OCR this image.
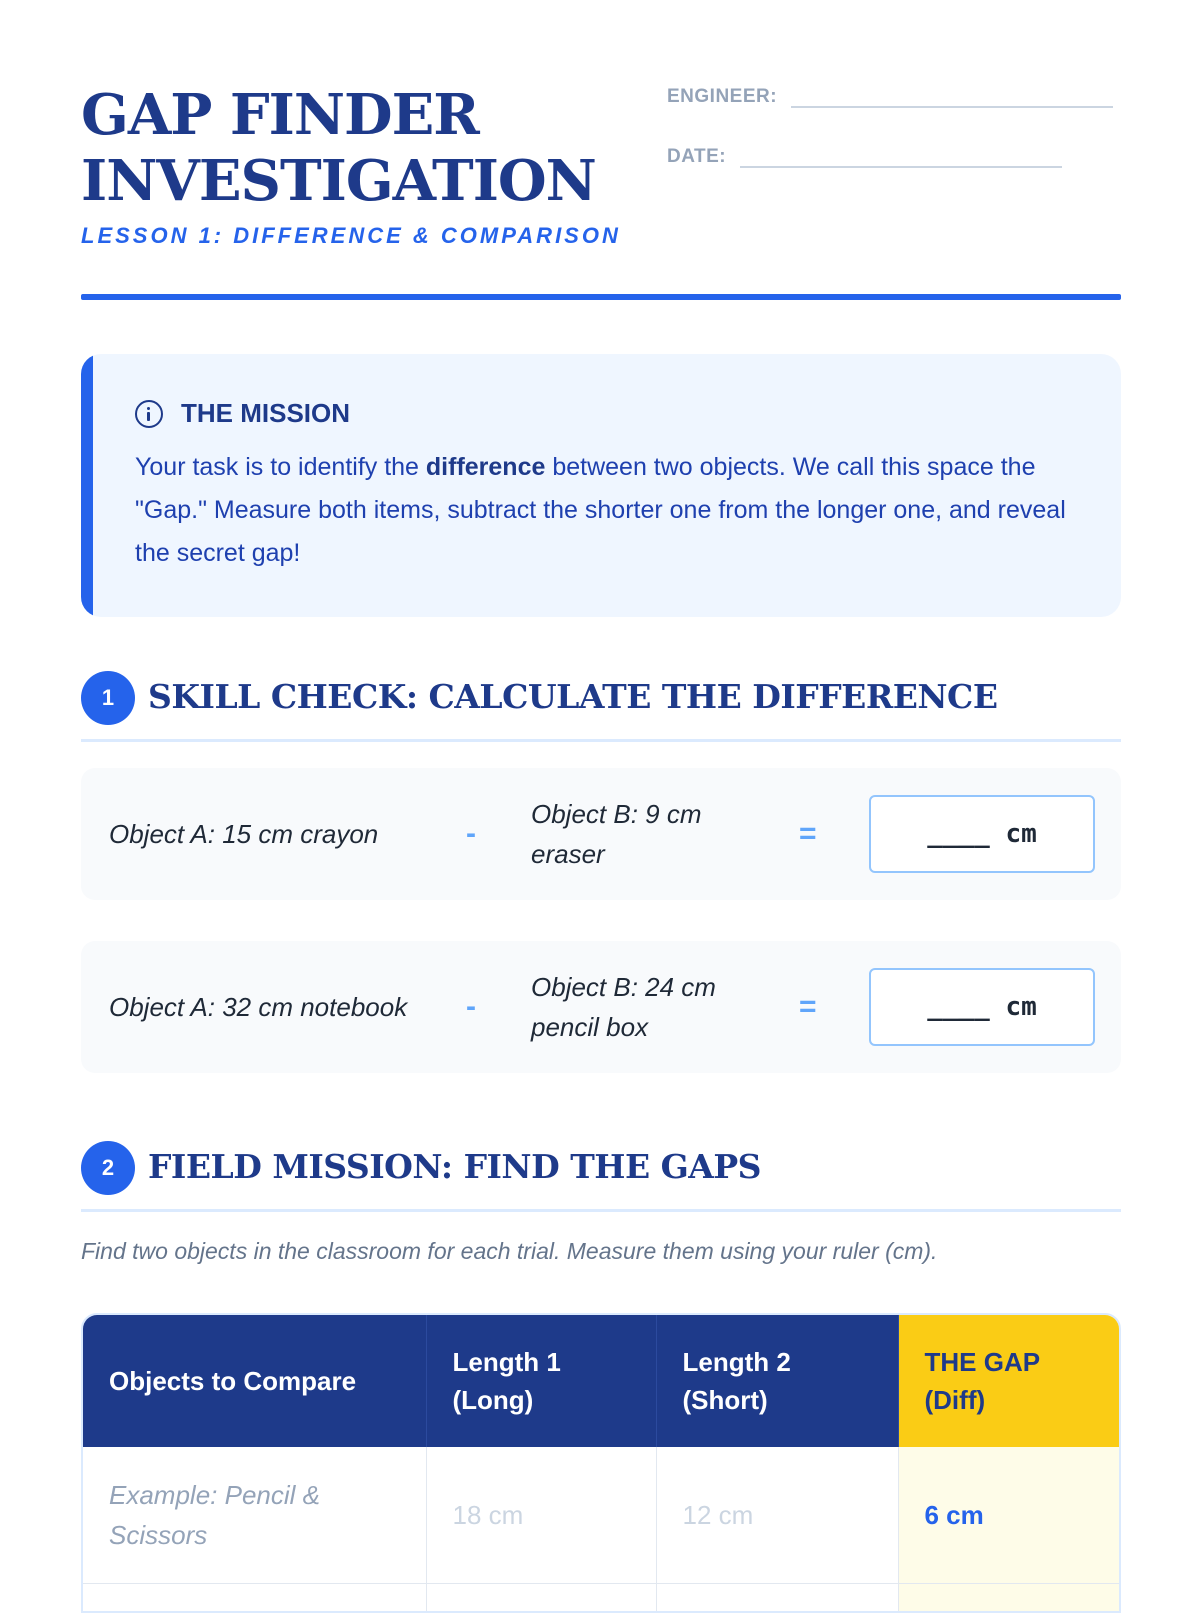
GAP FINDER
INVESTIGATION
LESSON 1: DIFFERENCE & COMPARISON
ENGINEER:
DATE:
THE MISSION

Your task is to identify the difference between two objects. We call this space the "Gap." Measure both items, subtract the shorter one from the longer one, and reveal the secret gap!

1	SKILL CHECK: CALCULATE THE DIFFERENCE
Object A: 15 cm crayon	-
Object B: 9 cm eraser
=	____ cm
Object A: 32 cm notebook	-
Object B: 24 cm pencil box
=	____ cm
2	FIELD MISSION: FIND THE GAPS

Find two objects in the classroom for each trial. Measure them using your ruler (cm).

Objects to Compare	Length 1 (Long)	Length 2 (Short)	THE GAP (Diff)
Example: Pencil & Scissors	18 cm	12 cm	6 cm
